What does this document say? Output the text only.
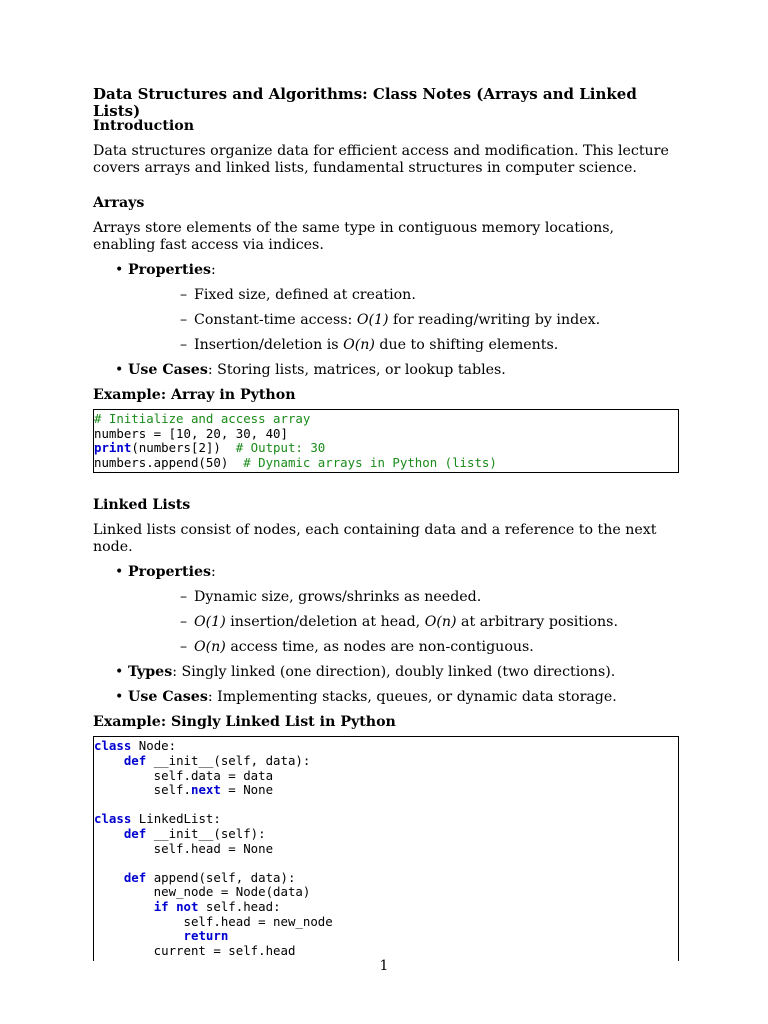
Data Structures and Algorithms: Class Notes (Arrays and Linked Lists)
Introduction

Data structures organize data for efficient access and modification. This lecture covers arrays and linked lists, fundamental structures in computer science.

Arrays

Arrays store elements of the same type in contiguous memory locations, enabling fast access via indices.

• Properties:
– Fixed size, defined at creation.
– Constant-time access: O(1) for reading/writing by index.
– Insertion/deletion is O(n) due to shifting elements.
• Use Cases: Storing lists, matrices, or lookup tables.
Example: Array in Python
# Initialize and access array
numbers = [10, 20, 30, 40]
print(numbers[2])  # Output: 30
numbers.append(50)  # Dynamic arrays in Python (lists)
Linked Lists

Linked lists consist of nodes, each containing data and a reference to the next node.

• Properties:
– Dynamic size, grows/shrinks as needed.
– O(1) insertion/deletion at head, O(n) at arbitrary positions.
– O(n) access time, as nodes are non-contiguous.
• Types: Singly linked (one direction), doubly linked (two directions).
• Use Cases: Implementing stacks, queues, or dynamic data storage.
Example: Singly Linked List in Python
class Node:
def __init__(self, data):
self.data = data
self.next = None
class LinkedList:
def __init__(self):
self.head = None
def append(self, data):
new_node = Node(data)
if not self.head:
self.head = new_node
return
current = self.head
1
